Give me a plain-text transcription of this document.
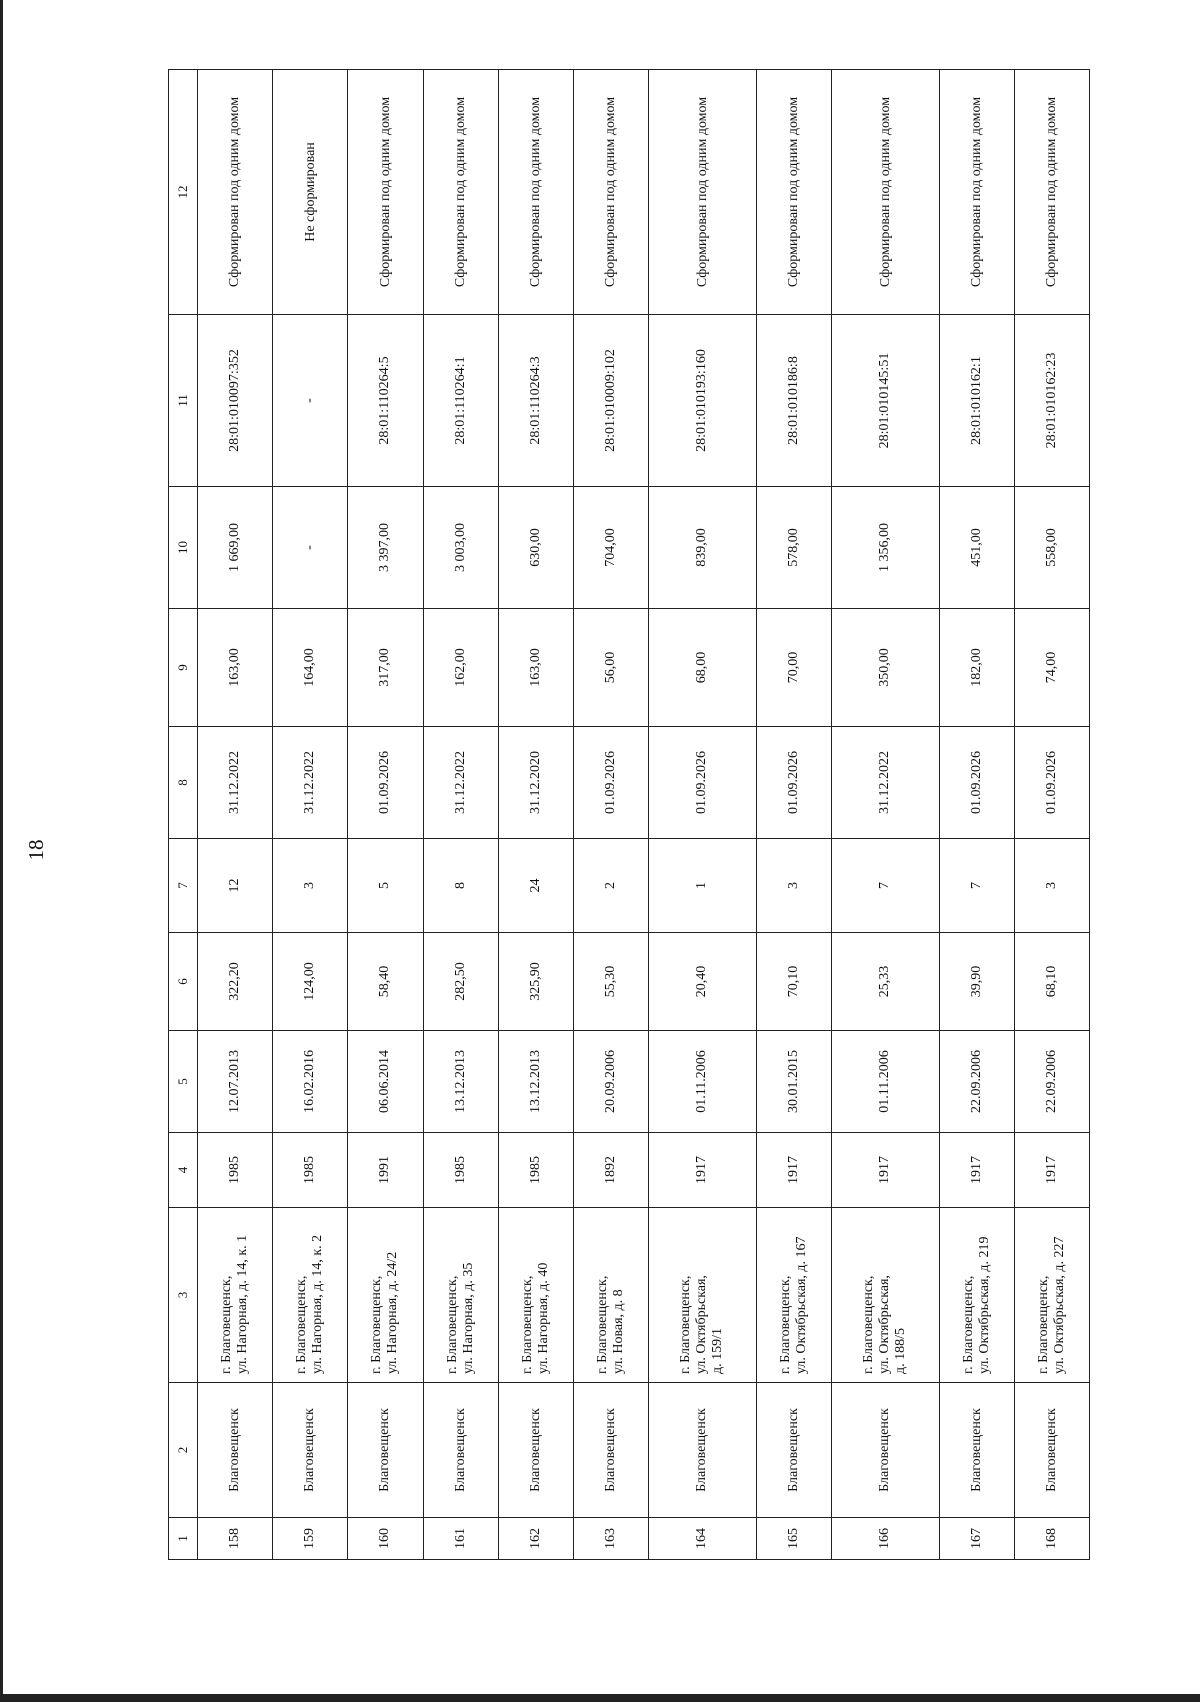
18
1	2	3	4	5	6	7	8	9	10	11	12
158	Благовещенск	г. Благовещенск,
ул. Нагорная, д. 14, к. 1	1985	12.07.2013	322,20	12	31.12.2022	163,00	1 669,00	28:01:010097:352	Сформирован под одним домом
159	Благовещенск	г. Благовещенск,
ул. Нагорная, д. 14, к. 2	1985	16.02.2016	124,00	3	31.12.2022	164,00	-	-	Не сформирован
160	Благовещенск	г. Благовещенск,
ул. Нагорная, д. 24/2	1991	06.06.2014	58,40	5	01.09.2026	317,00	3 397,00	28:01:110264:5	Сформирован под одним домом
161	Благовещенск	г. Благовещенск,
ул. Нагорная, д. 35	1985	13.12.2013	282,50	8	31.12.2022	162,00	3 003,00	28:01:110264:1	Сформирован под одним домом
162	Благовещенск	г. Благовещенск,
ул. Нагорная, д. 40	1985	13.12.2013	325,90	24	31.12.2020	163,00	630,00	28:01:110264:3	Сформирован под одним домом
163	Благовещенск	г. Благовещенск,
ул. Новая, д. 8	1892	20.09.2006	55,30	2	01.09.2026	56,00	704,00	28:01:010009:102	Сформирован под одним домом
164	Благовещенск	г. Благовещенск,
ул. Октябрьская,
д. 159/1	1917	01.11.2006	20,40	1	01.09.2026	68,00	839,00	28:01:010193:160	Сформирован под одним домом
165	Благовещенск	г. Благовещенск,
ул. Октябрьская, д. 167	1917	30.01.2015	70,10	3	01.09.2026	70,00	578,00	28:01:010186:8	Сформирован под одним домом
166	Благовещенск	г. Благовещенск,
ул. Октябрьская,
д. 188/5	1917	01.11.2006	25,33	7	31.12.2022	350,00	1 356,00	28:01:010145:51	Сформирован под одним домом
167	Благовещенск	г. Благовещенск,
ул. Октябрьская, д. 219	1917	22.09.2006	39,90	7	01.09.2026	182,00	451,00	28:01:010162:1	Сформирован под одним домом
168	Благовещенск	г. Благовещенск,
ул. Октябрьская, д. 227	1917	22.09.2006	68,10	3	01.09.2026	74,00	558,00	28:01:010162:23	Сформирован под одним домом
